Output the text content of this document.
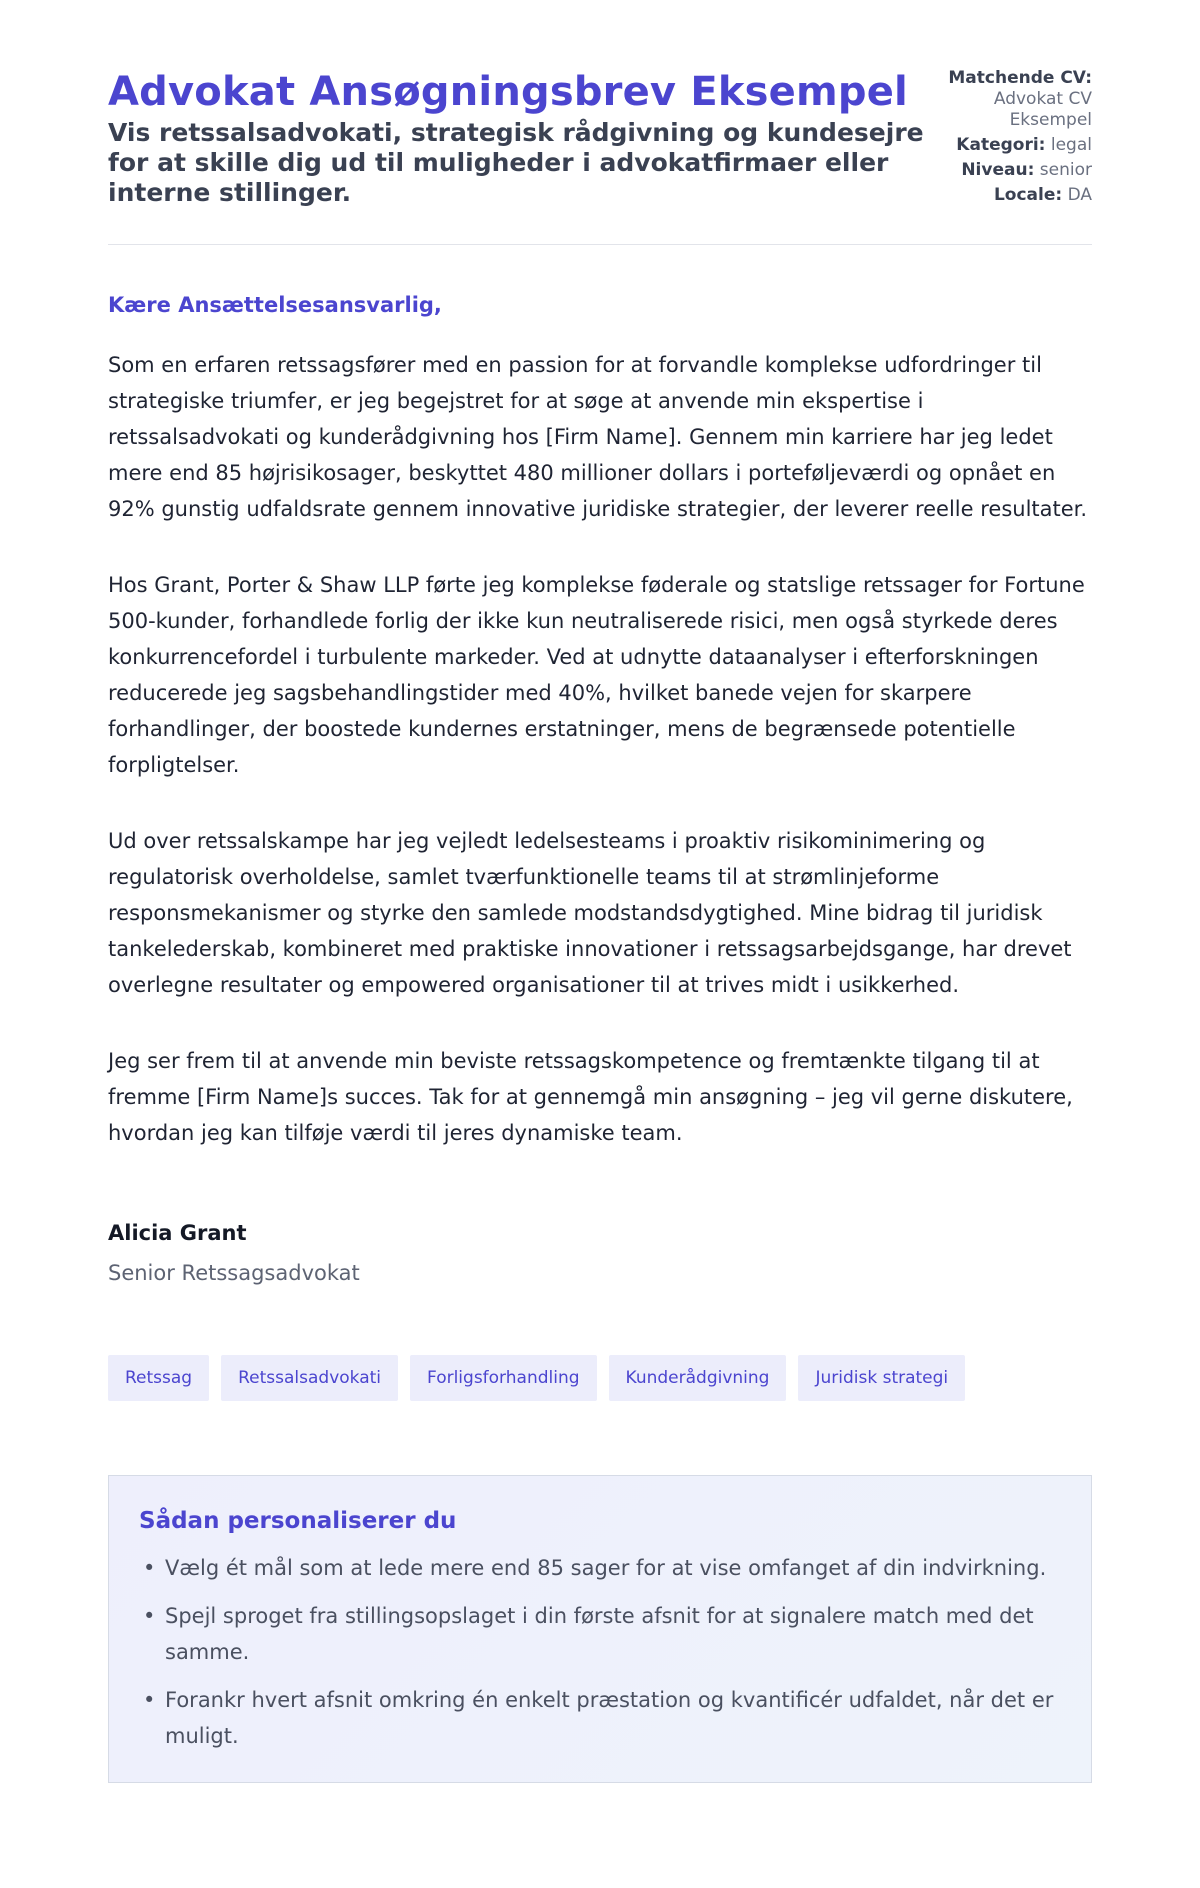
Advokat Ansøgningsbrev Eksempel
Vis retssalsadvokati, strategisk rådgivning og kundesejre for at skille dig ud til muligheder i advokatfirmaer eller interne stillinger.
Matchende CV: Advokat CV Eksempel
Kategori: legal
Niveau: senior
Locale: DA

Kære Ansættelsesansvarlig,

Som en erfaren retssagsfører med en passion for at forvandle komplekse udfordringer til strategiske triumfer, er jeg begejstret for at søge at anvende min ekspertise i retssalsadvokati og kunderådgivning hos [Firm Name]. Gennem min karriere har jeg ledet mere end 85 højrisikosager, beskyttet 480 millioner dollars i porteføljeværdi og opnået en 92% gunstig udfaldsrate gennem innovative juridiske strategier, der leverer reelle resultater.

Hos Grant, Porter & Shaw LLP førte jeg komplekse føderale og statslige retssager for Fortune 500-kunder, forhandlede forlig der ikke kun neutraliserede risici, men også styrkede deres konkurrencefordel i turbulente markeder. Ved at udnytte dataanalyser i efterforskningen reducerede jeg sagsbehandlingstider med 40%, hvilket banede vejen for skarpere forhandlinger, der boostede kundernes erstatninger, mens de begrænsede potentielle forpligtelser.

Ud over retssalskampe har jeg vejledt ledelsesteams i proaktiv risikominimering og regulatorisk overholdelse, samlet tværfunktionelle teams til at strømlinjeforme responsmekanismer og styrke den samlede modstandsdygtighed. Mine bidrag til juridisk tankelederskab, kombineret med praktiske innovationer i retssagsarbejdsgange, har drevet overlegne resultater og empowered organisationer til at trives midt i usikkerhed.

Jeg ser frem til at anvende min beviste retssagskompetence og fremtænkte tilgang til at fremme [Firm Name]s succes. Tak for at gennemgå min ansøgning – jeg vil gerne diskutere, hvordan jeg kan tilføje værdi til jeres dynamiske team.

Alicia Grant

Senior Retssagsadvokat

Retssag	Retssalsadvokati	Forligsforhandling	Kunderådgivning	Juridisk strategi
Sådan personaliserer du
• Vælg ét mål som at lede mere end 85 sager for at vise omfanget af din indvirkning.
• Spejl sproget fra stillingsopslaget i din første afsnit for at signalere match med det samme.
• Forankr hvert afsnit omkring én enkelt præstation og kvantificér udfaldet, når det er muligt.
